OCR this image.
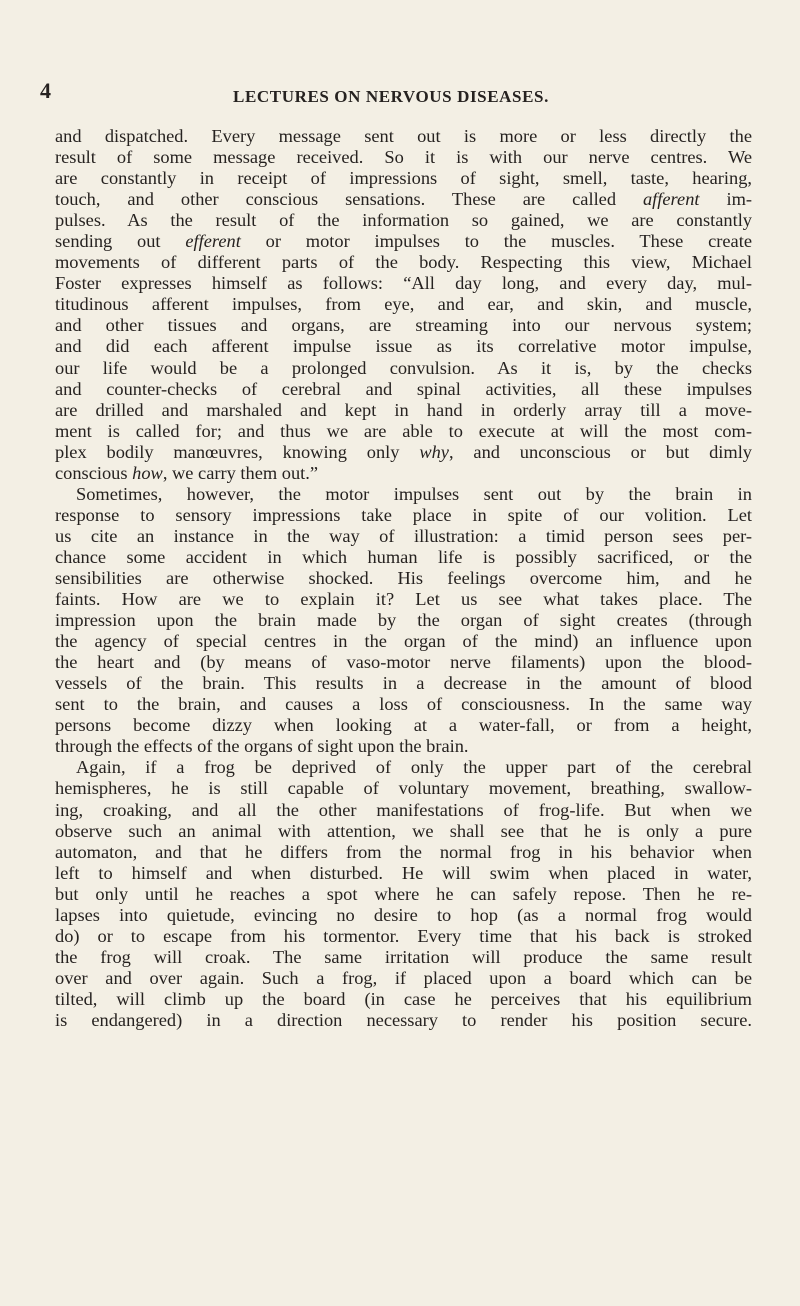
4	LECTURES ON NERVOUS DISEASES.
and dispatched. Every message sent out is more or less directly the
result of some message received. So it is with our nerve centres. We
are constantly in receipt of impressions of sight, smell, taste, hearing,
touch, and other conscious sensations. These are called afferent im-
pulses. As the result of the information so gained, we are constantly
sending out efferent or motor impulses to the muscles. These create
movements of different parts of the body. Respecting this view, Michael
Foster expresses himself as follows: “All day long, and every day, mul-
titudinous afferent impulses, from eye, and ear, and skin, and muscle,
and other tissues and organs, are streaming into our nervous system;
and did each afferent impulse issue as its correlative motor impulse,
our life would be a prolonged convulsion. As it is, by the checks
and counter-checks of cerebral and spinal activities, all these impulses
are drilled and marshaled and kept in hand in orderly array till a move-
ment is called for; and thus we are able to execute at will the most com-
plex bodily manœuvres, knowing only why, and unconscious or but dimly
conscious how, we carry them out.”
Sometimes, however, the motor impulses sent out by the brain in
response to sensory impressions take place in spite of our volition. Let
us cite an instance in the way of illustration: a timid person sees per-
chance some accident in which human life is possibly sacrificed, or the
sensibilities are otherwise shocked. His feelings overcome him, and he
faints. How are we to explain it? Let us see what takes place. The
impression upon the brain made by the organ of sight creates (through
the agency of special centres in the organ of the mind) an influence upon
the heart and (by means of vaso-motor nerve filaments) upon the blood-
vessels of the brain. This results in a decrease in the amount of blood
sent to the brain, and causes a loss of consciousness. In the same way
persons become dizzy when looking at a water-fall, or from a height,
through the effects of the organs of sight upon the brain.
Again, if a frog be deprived of only the upper part of the cerebral
hemispheres, he is still capable of voluntary movement, breathing, swallow-
ing, croaking, and all the other manifestations of frog-life. But when we
observe such an animal with attention, we shall see that he is only a pure
automaton, and that he differs from the normal frog in his behavior when
left to himself and when disturbed. He will swim when placed in water,
but only until he reaches a spot where he can safely repose. Then he re-
lapses into quietude, evincing no desire to hop (as a normal frog would
do) or to escape from his tormentor. Every time that his back is stroked
the frog will croak. The same irritation will produce the same result
over and over again. Such a frog, if placed upon a board which can be
tilted, will climb up the board (in case he perceives that his equilibrium
is endangered) in a direction necessary to render his position secure.
